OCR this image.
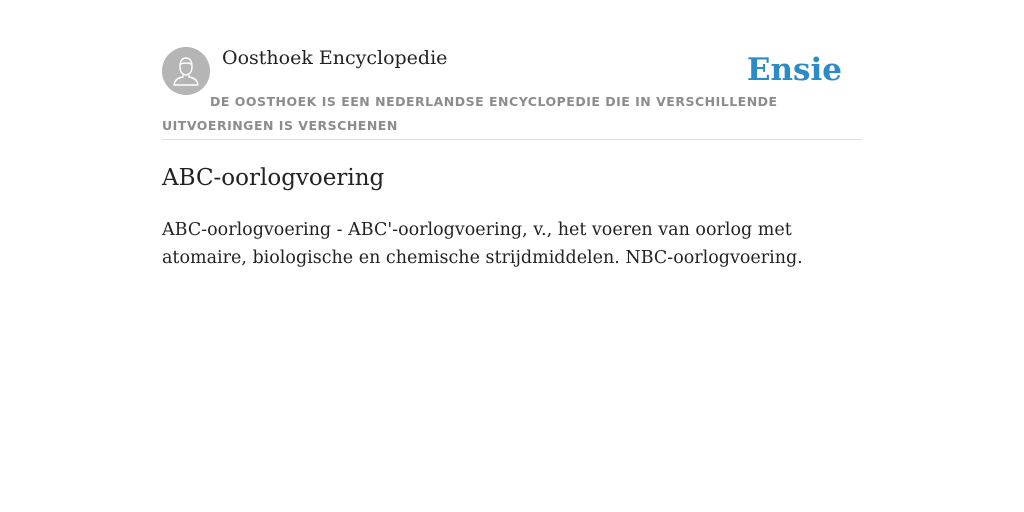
Oosthoek Encyclopedie	Ensie
DE OOSTHOEK IS EEN NEDERLANDSE ENCYCLOPEDIE DIE IN VERSCHILLENDE UITVOERINGEN IS VERSCHENEN
ABC-oorlogvoering

ABC-oorlogvoering - ABC'-oorlogvoering, v., het voeren van oorlog met atomaire, biologische en chemische strijdmiddelen. NBC-oorlogvoering.
